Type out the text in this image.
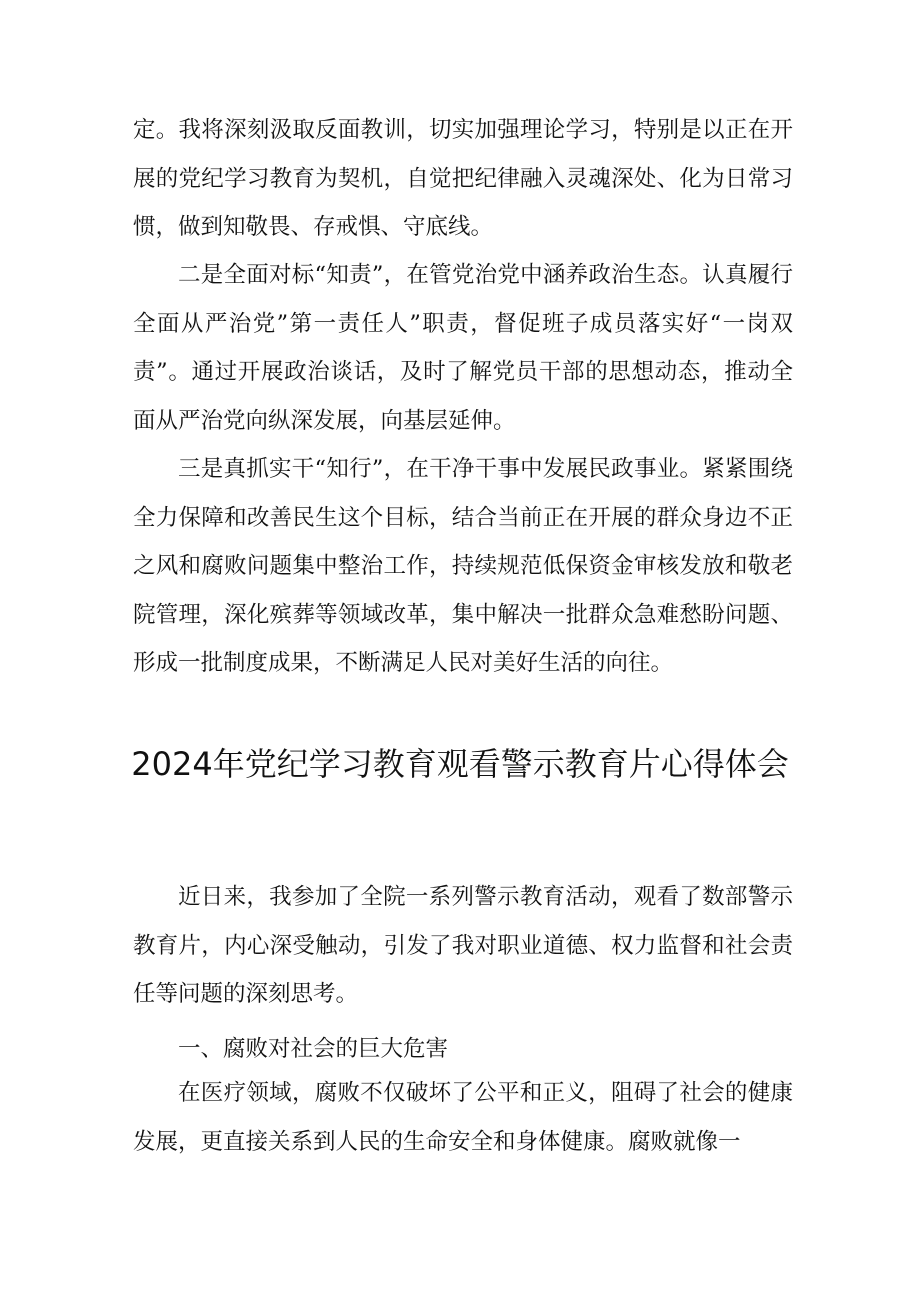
定。我将深刻汲取反面教训，切实加强理论学习，特别是以正在开展的党纪学习教育为契机，自觉把纪律融入灵魂深处、化为日常习惯，做到知敬畏、存戒惧、守底线。

二是全面对标“知责”，在管党治党中涵养政治生态。认真履行全面从严治党”第一责任人”职责，督促班子成员落实好“一岗双责”。通过开展政治谈话，及时了解党员干部的思想动态，推动全面从严治党向纵深发展，向基层延伸。

三是真抓实干“知行”，在干净干事中发展民政事业。紧紧围绕全力保障和改善民生这个目标，结合当前正在开展的群众身边不正之风和腐败问题集中整治工作，持续规范低保资金审核发放和敬老院管理，深化殡葬等领域改革，集中解决一批群众急难愁盼问题、形成一批制度成果，不断满足人民对美好生活的向往。

2024年党纪学习教育观看警示教育片心得体会

近日来，我参加了全院一系列警示教育活动，观看了数部警示教育片，内心深受触动，引发了我对职业道德、权力监督和社会责任等问题的深刻思考。

一、腐败对社会的巨大危害

在医疗领域，腐败不仅破坏了公平和正义，阻碍了社会的健康发展，更直接关系到人民的生命安全和身体健康。腐败就像一
